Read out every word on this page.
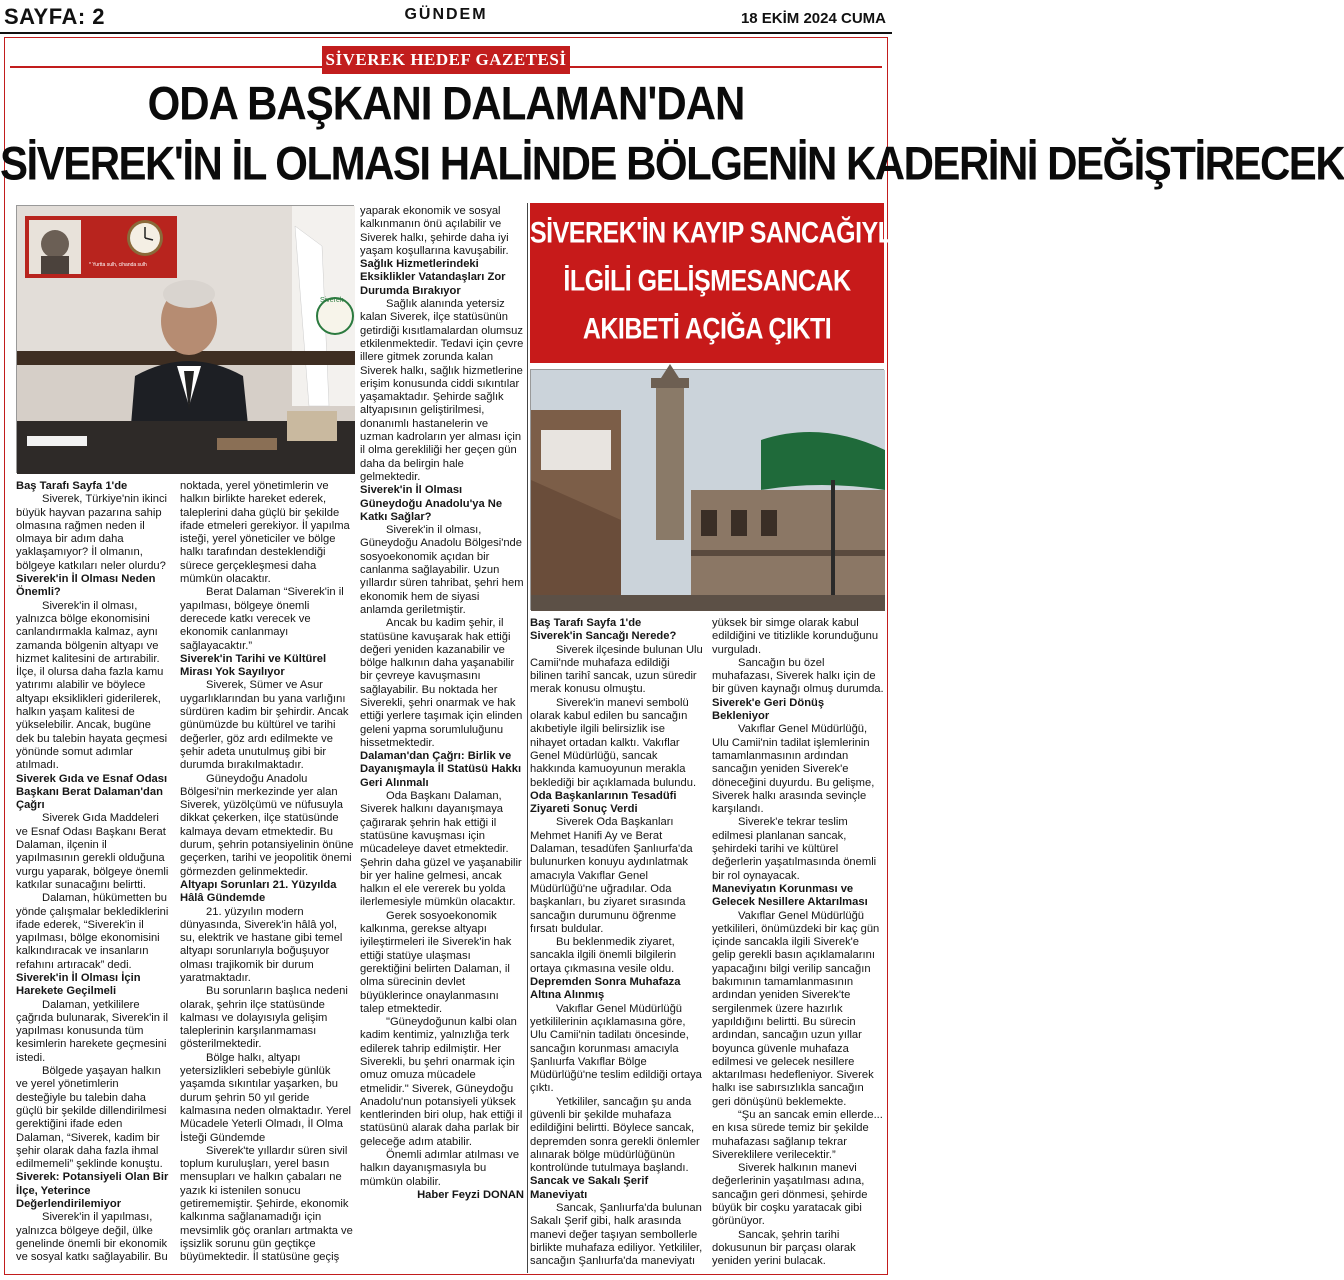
SAYFA: 2	GÜNDEM	18 EKİM 2024 CUMA
SİVEREK HEDEF GAZETESİ
ODA BAŞKANI DALAMAN'DAN
SİVEREK'İN İL OLMASI HALİNDE BÖLGENİN KADERİNİ DEĞİŞTİRECEK
* Yurtta sulh, cihanda sulh
Siverek
SİVEREK'İN KAYIP SANCAĞIYLA
İLGİLİ GELİŞMESANCAK
AKIBETİ AÇIĞA ÇIKTI

Baş Tarafı Sayfa 1'de

Siverek, Türkiye'nin ikinci büyük hayvan pazarına sahip olmasına rağmen neden il olmaya bir adım daha yaklaşamıyor? İl olmanın, bölgeye katkıları neler olurdu?

Siverek'in İl Olması Neden Önemli?

Siverek'in il olması, yalnızca bölge ekonomisini canlandırmakla kalmaz, aynı zamanda bölgenin altyapı ve hizmet kalitesini de artırabilir. İlçe, il olursa daha fazla kamu yatırımı alabilir ve böylece altyapı eksiklikleri giderilerek, halkın yaşam kalitesi de yükselebilir. Ancak, bugüne dek bu talebin hayata geçmesi yönünde somut adımlar atılmadı.

Siverek Gıda ve Esnaf Odası Başkanı Berat Dalaman'dan Çağrı

Siverek Gıda Maddeleri ve Esnaf Odası Başkanı Berat Dalaman, ilçenin il yapılmasının gerekli olduğuna vurgu yaparak, bölgeye önemli katkılar sunacağını belirtti.

Dalaman, hükümetten bu yönde çalışmalar beklediklerini ifade ederek, “Siverek'in il yapılması, bölge ekonomisini kalkındıracak ve insanların refahını artıracak” dedi.

Siverek'in İl Olması İçin Harekete Geçilmeli

Dalaman, yetkililere çağrıda bulunarak, Siverek'in il yapılması konusunda tüm kesimlerin harekete geçmesini istedi.

Bölgede yaşayan halkın ve yerel yönetimlerin desteğiyle bu talebin daha güçlü bir şekilde dillendirilmesi gerektiğini ifade eden Dalaman, “Siverek, kadim bir şehir olarak daha fazla ihmal edilmemeli” şeklinde konuştu.

Siverek: Potansiyeli Olan Bir İlçe, Yeterince Değerlendirilemiyor

Siverek'in il yapılması, yalnızca bölgeye değil, ülke genelinde önemli bir ekonomik ve sosyal katkı sağlayabilir. Bu

noktada, yerel yönetimlerin ve halkın birlikte hareket ederek, taleplerini daha güçlü bir şekilde ifade etmeleri gerekiyor. İl yapılma isteği, yerel yöneticiler ve bölge halkı tarafından desteklendiği sürece gerçekleşmesi daha mümkün olacaktır.

Berat Dalaman “Siverek'in il yapılması, bölgeye önemli derecede katkı verecek ve ekonomik canlanmayı sağlayacaktır.”

Siverek'in Tarihi ve Kültürel Mirası Yok Sayılıyor

Siverek, Sümer ve Asur uygarlıklarından bu yana varlığını sürdüren kadim bir şehirdir. Ancak günümüzde bu kültürel ve tarihi değerler, göz ardı edilmekte ve şehir adeta unutulmuş gibi bir durumda bırakılmaktadır.

Güneydoğu Anadolu Bölgesi'nin merkezinde yer alan Siverek, yüzölçümü ve nüfusuyla dikkat çekerken, ilçe statüsünde kalmaya devam etmektedir. Bu durum, şehrin potansiyelinin önüne geçerken, tarihi ve jeopolitik önemi görmezden gelinmektedir.

Altyapı Sorunları 21. Yüzyılda Hâlâ Gündemde

21. yüzyılın modern dünyasında, Siverek'in hâlâ yol, su, elektrik ve hastane gibi temel altyapı sorunlarıyla boğuşuyor olması trajikomik bir durum yaratmaktadır.

Bu sorunların başlıca nedeni olarak, şehrin ilçe statüsünde kalması ve dolayısıyla gelişim taleplerinin karşılanmaması gösterilmektedir.

Bölge halkı, altyapı yetersizlikleri sebebiyle günlük yaşamda sıkıntılar yaşarken, bu durum şehrin 50 yıl geride kalmasına neden olmaktadır. Yerel Mücadele Yeterli Olmadı, İl Olma İsteği Gündemde

Siverek'te yıllardır süren sivil toplum kuruluşları, yerel basın mensupları ve halkın çabaları ne yazık ki istenilen sonucu getirememiştir. Şehirde, ekonomik kalkınma sağlanamadığı için mevsimlik göç oranları artmakta ve işsizlik sorunu gün geçtikçe büyümektedir. İl statüsüne geçiş

yaparak ekonomik ve sosyal kalkınmanın önü açılabilir ve Siverek halkı, şehirde daha iyi yaşam koşullarına kavuşabilir.

Sağlık Hizmetlerindeki Eksiklikler Vatandaşları Zor Durumda Bırakıyor

Sağlık alanında yetersiz kalan Siverek, ilçe statüsünün getirdiği kısıtlamalardan olumsuz etkilenmektedir. Tedavi için çevre illere gitmek zorunda kalan Siverek halkı, sağlık hizmetlerine erişim konusunda ciddi sıkıntılar yaşamaktadır. Şehirde sağlık altyapısının geliştirilmesi, donanımlı hastanelerin ve uzman kadroların yer alması için il olma gerekliliği her geçen gün daha da belirgin hale gelmektedir.

Siverek'in İl Olması Güneydoğu Anadolu'ya Ne Katkı Sağlar?

Siverek'in il olması, Güneydoğu Anadolu Bölgesi'nde sosyoekonomik açıdan bir canlanma sağlayabilir. Uzun yıllardır süren tahribat, şehri hem ekonomik hem de siyasi anlamda geriletmiştir.

Ancak bu kadim şehir, il statüsüne kavuşarak hak ettiği değeri yeniden kazanabilir ve bölge halkının daha yaşanabilir bir çevreye kavuşmasını sağlayabilir. Bu noktada her Siverekli, şehri onarmak ve hak ettiği yerlere taşımak için elinden geleni yapma sorumluluğunu hissetmektedir.

Dalaman'dan Çağrı: Birlik ve Dayanışmayla İl Statüsü Hakkı Geri Alınmalı

Oda Başkanı Dalaman, Siverek halkını dayanışmaya çağırarak şehrin hak ettiği il statüsüne kavuşması için mücadeleye davet etmektedir. Şehrin daha güzel ve yaşanabilir bir yer haline gelmesi, ancak halkın el ele vererek bu yolda ilerlemesiyle mümkün olacaktır.

Gerek sosyoekonomik kalkınma, gerekse altyapı iyileştirmeleri ile Siverek'in hak ettiği statüye ulaşması gerektiğini belirten Dalaman, il olma sürecinin devlet büyüklerince onaylanmasını talep etmektedir.

"Güneydoğunun kalbi olan kadim kentimiz, yalnızlığa terk edilerek tahrip edilmiştir. Her Siverekli, bu şehri onarmak için omuz omuza mücadele etmelidir." Siverek, Güneydoğu Anadolu'nun potansiyeli yüksek kentlerinden biri olup, hak ettiği il statüsünü alarak daha parlak bir geleceğe adım atabilir.

Önemli adımlar atılması ve halkın dayanışmasıyla bu mümkün olabilir.

Haber Feyzi DONAN

Baş Tarafı Sayfa 1'de

Siverek'in Sancağı Nerede?

Siverek ilçesinde bulunan Ulu Camii'nde muhafaza edildiği bilinen tarihî sancak, uzun süredir merak konusu olmuştu.

Siverek'in manevi sembolü olarak kabul edilen bu sancağın akıbetiyle ilgili belirsizlik ise nihayet ortadan kalktı. Vakıflar Genel Müdürlüğü, sancak hakkında kamuoyunun merakla beklediği bir açıklamada bulundu.

Oda Başkanlarının Tesadüfi Ziyareti Sonuç Verdi

Siverek Oda Başkanları Mehmet Hanifi Ay ve Berat Dalaman, tesadüfen Şanlıurfa'da bulunurken konuyu aydınlatmak amacıyla Vakıflar Genel Müdürlüğü'ne uğradılar. Oda başkanları, bu ziyaret sırasında sancağın durumunu öğrenme fırsatı buldular.

Bu beklenmedik ziyaret, sancakla ilgili önemli bilgilerin ortaya çıkmasına vesile oldu.

Depremden Sonra Muhafaza Altına Alınmış

Vakıflar Genel Müdürlüğü yetkililerinin açıklamasına göre, Ulu Camii'nin tadilatı öncesinde, sancağın korunması amacıyla Şanlıurfa Vakıflar Bölge Müdürlüğü'ne teslim edildiği ortaya çıktı.

Yetkililer, sancağın şu anda güvenli bir şekilde muhafaza edildiğini belirtti. Böylece sancak, depremden sonra gerekli önlemler alınarak bölge müdürlüğünün kontrolünde tutulmaya başlandı.

Sancak ve Sakalı Şerif Maneviyatı

Sancak, Şanlıurfa'da bulunan Sakalı Şerif gibi, halk arasında manevi değer taşıyan sembollerle birlikte muhafaza ediliyor. Yetkililer, sancağın Şanlıurfa'da maneviyatı

yüksek bir simge olarak kabul edildiğini ve titizlikle korunduğunu vurguladı.

Sancağın bu özel muhafazası, Siverek halkı için de bir güven kaynağı olmuş durumda.

Siverek'e Geri Dönüş Bekleniyor

Vakıflar Genel Müdürlüğü, Ulu Camii'nin tadilat işlemlerinin tamamlanmasının ardından sancağın yeniden Siverek'e döneceğini duyurdu. Bu gelişme, Siverek halkı arasında sevinçle karşılandı.

Siverek'e tekrar teslim edilmesi planlanan sancak, şehirdeki tarihi ve kültürel değerlerin yaşatılmasında önemli bir rol oynayacak.

Maneviyatın Korunması ve Gelecek Nesillere Aktarılması

Vakıflar Genel Müdürlüğü yetkilileri, önümüzdeki bir kaç gün içinde sancakla ilgili Siverek'e gelip gerekli basın açıklamalarını yapacağını bilgi verilip sancağın bakımının tamamlanmasının ardından yeniden Siverek'te sergilenmek üzere hazırlık yapıldığını belirtti. Bu sürecin ardından, sancağın uzun yıllar boyunca güvenle muhafaza edilmesi ve gelecek nesillere aktarılması hedefleniyor. Siverek halkı ise sabırsızlıkla sancağın geri dönüşünü beklemekte.

“Şu an sancak emin ellerde... en kısa sürede temiz bir şekilde muhafazası sağlanıp tekrar Sivereklilere verilecektir.”

Siverek halkının manevi değerlerinin yaşatılması adına, sancağın geri dönmesi, şehirde büyük bir coşku yaratacak gibi görünüyor.

Sancak, şehrin tarihi dokusunun bir parçası olarak yeniden yerini bulacak.
